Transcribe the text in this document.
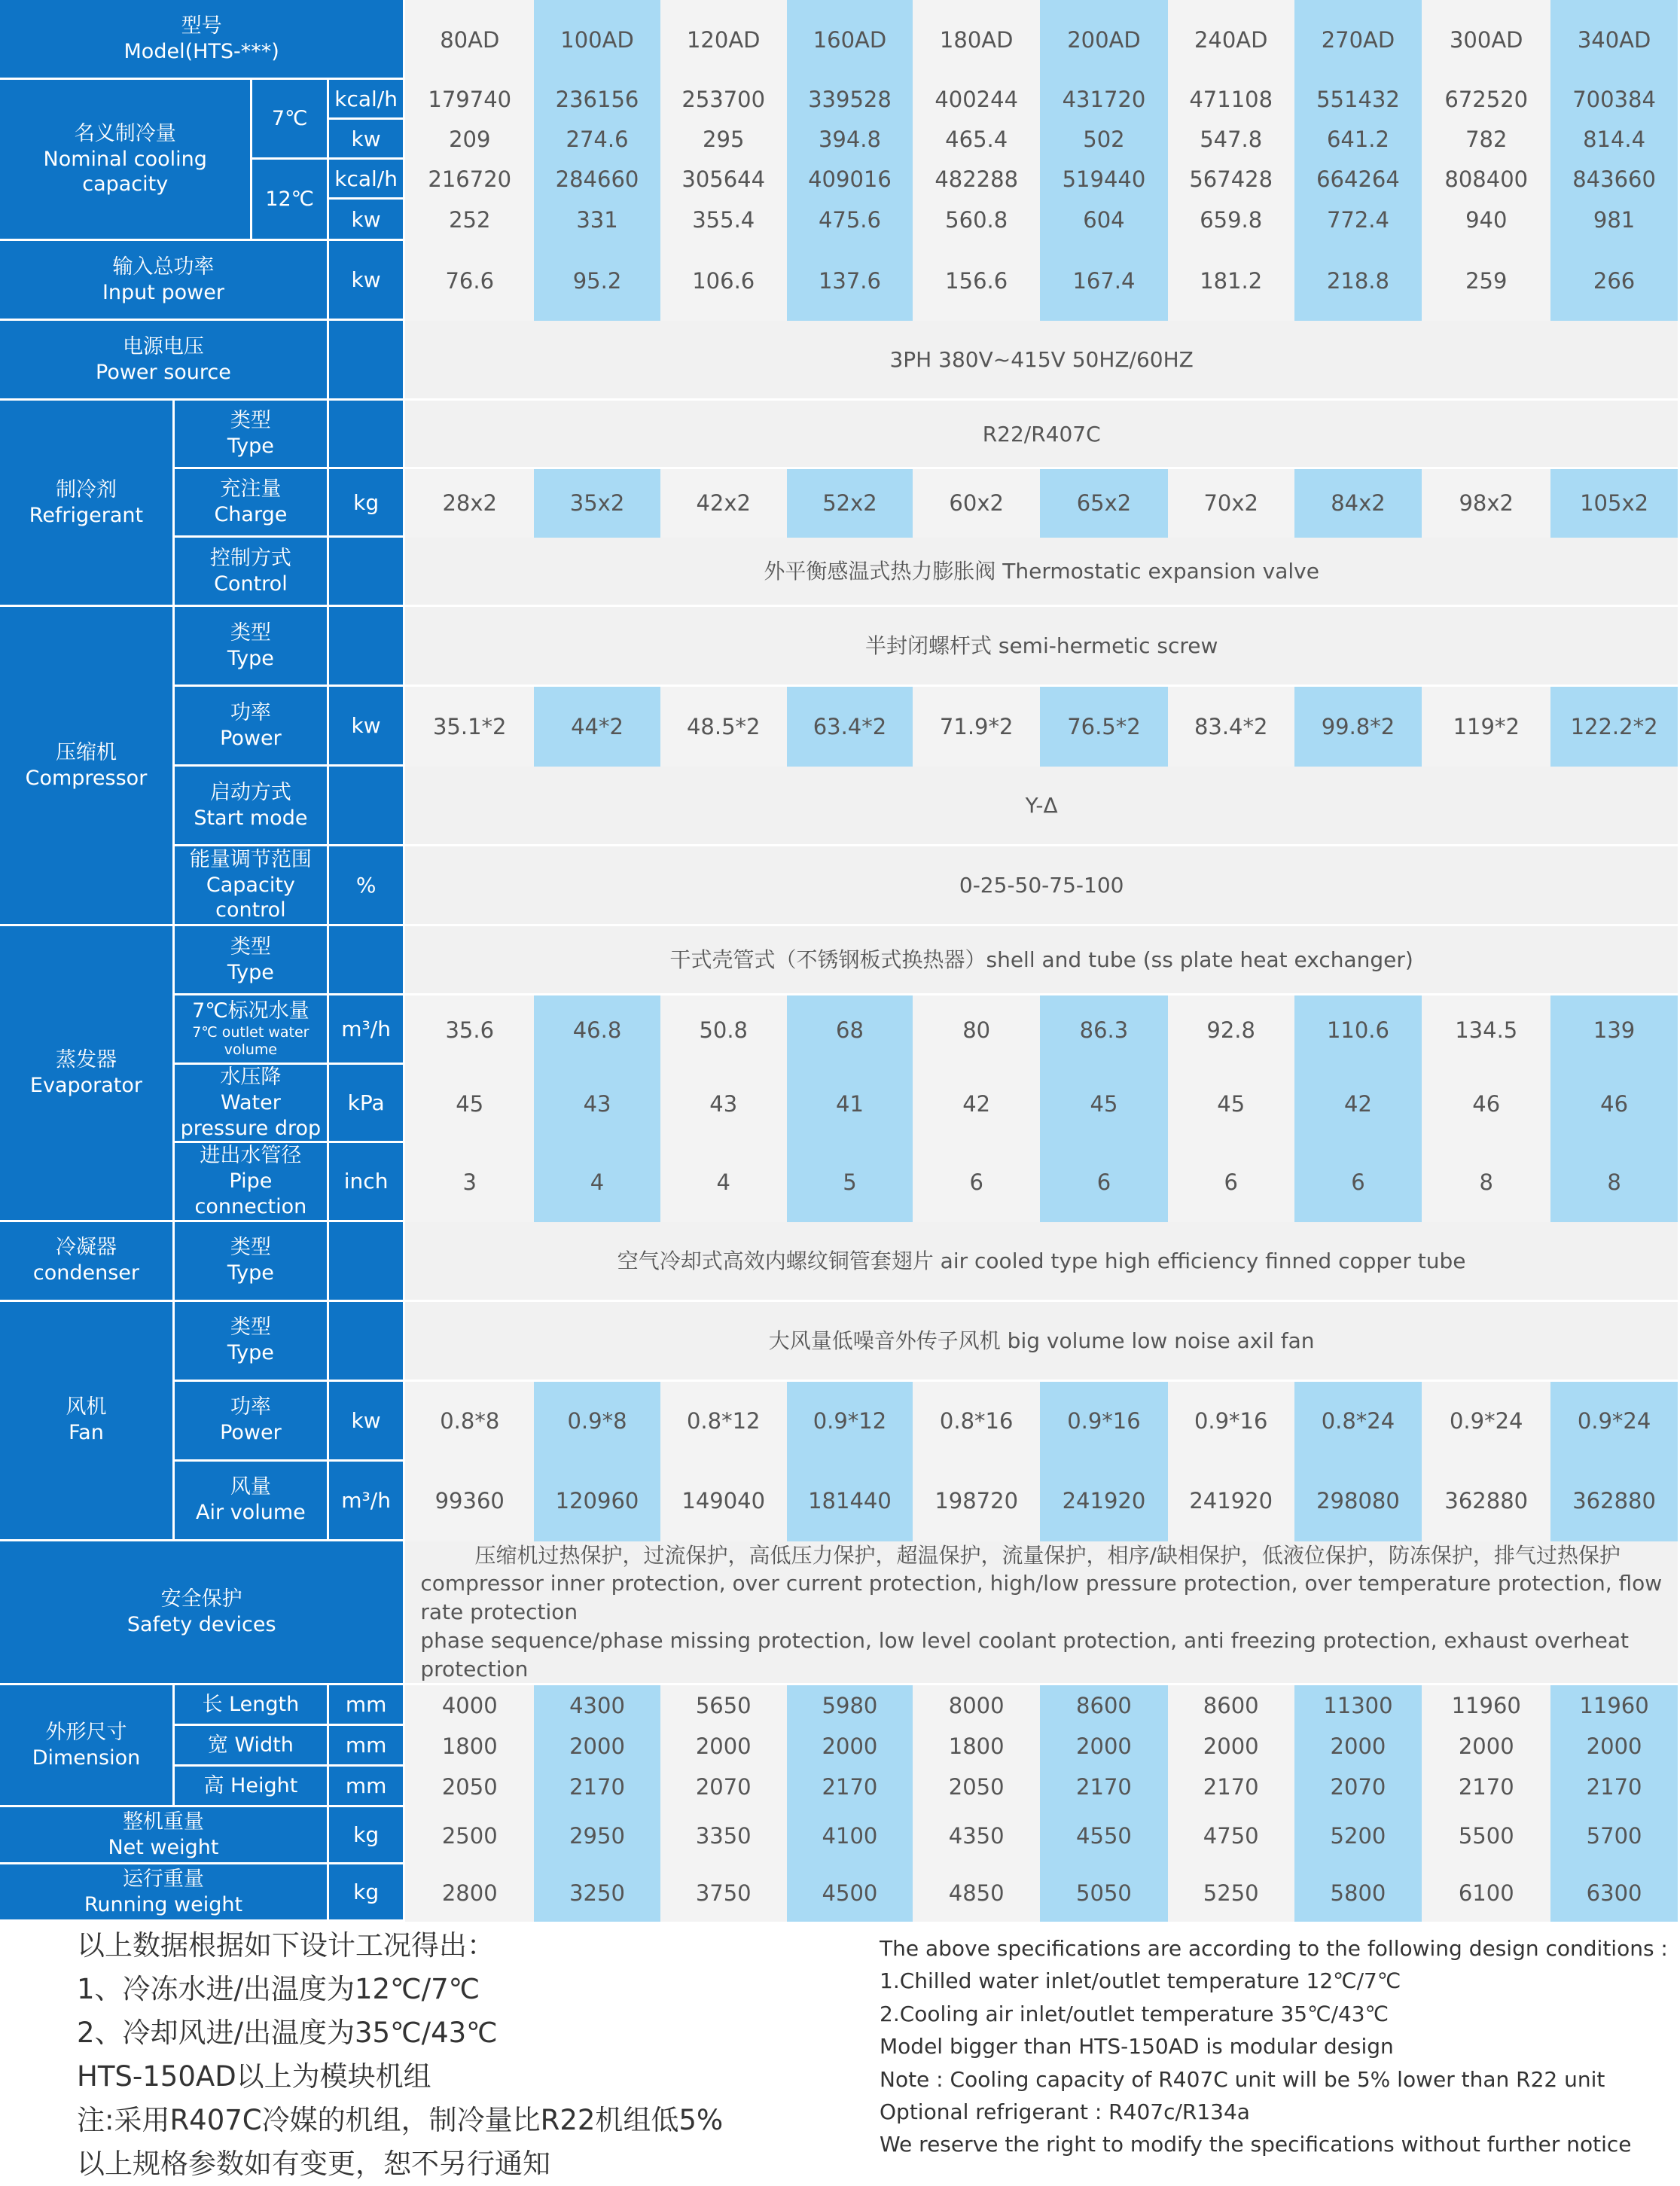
型号
Model(HTS-***)				80AD	100AD	120AD	160AD	180AD	200AD	240AD	270AD	300AD	340AD

名义制冷量
Nominal cooling capacity		7℃	kcal/h	179740	236156	253700	339528	400244	431720	471108	551432	672520	700384
			kw	209	274.6	295	394.8	465.4	502	547.8	641.2	782	814.4
		12℃	kcal/h	216720	284660	305644	409016	482288	519440	567428	664264	808400	843660
			kw	252	331	355.4	475.6	560.8	604	659.8	772.4	940	981

输入总功率
Input power			kw	76.6	95.2	106.6	137.6	156.6	167.4	181.2	218.8	259	266

电源电压
Power source				3PH 380V~415V 50HZ/60HZ									

制冷剂
Refrigerant	类型
Type			R22/R407C									

	充注量
Charge		kg	28x2	35x2	42x2	52x2	60x2	65x2	70x2	84x2	98x2	105x2

	控制方式
Control			外平衡感温式热力膨胀阀 Thermostatic expansion valve									

压缩机
Compressor	类型
Type			半封闭螺杆式 semi-hermetic screw									

	功率
Power		kw	35.1*2	44*2	48.5*2	63.4*2	71.9*2	76.5*2	83.4*2	99.8*2	119*2	122.2*2

	启动方式
Start mode			Y-Δ									

	能量调节范围
Capacity control		%	0-25-50-75-100									

蒸发器
Evaporator	类型
Type			干式壳管式（不锈钢板式换热器）shell and tube (ss plate heat exchanger)									

	7℃标况水量
7℃ outlet water volume		m³/h	35.6	46.8	50.8	68	80	86.3	92.8	110.6	134.5	139

	水压降
Water pressure drop		kPa	45	43	43	41	42	45	45	42	46	46

	进出水管径
Pipe connection		inch	3	4	4	5	6	6	6	6	8	8

冷凝器
condenser	类型
Type			空气冷却式高效内螺纹铜管套翅片 air cooled type high efficiency finned copper tube									

风机
Fan	类型
Type			大风量低噪音外传子风机 big volume low noise axil fan									

	功率
Power		kw	0.8*8	0.9*8	0.8*12	0.9*12	0.8*16	0.9*16	0.9*16	0.8*24	0.9*24	0.9*24

	风量
Air volume		m³/h	99360	120960	149040	181440	198720	241920	241920	298080	362880	362880

安全保护
Safety devices				压缩机过热保护，过流保护，高低压力保护，超温保护，流量保护，相序/缺相保护，低液位保护，防冻保护，排气过热保护
compressor inner protection, over current protection, high/low pressure protection, over temperature protection, flow rate protection
phase sequence/phase missing protection, low level coolant protection, anti freezing protection, exhaust overheat protection									

外形尺寸
Dimension	长 Length		mm	4000	4300	5650	5980	8000	8600	8600	11300	11960	11960
	宽 Width		mm	1800	2000	2000	2000	1800	2000	2000	2000	2000	2000
	高 Height		mm	2050	2170	2070	2170	2050	2170	2170	2070	2170	2170

整机重量
Net weight			kg	2500	2950	3350	4100	4350	4550	4750	5200	5500	5700

运行重量
Running weight			kg	2800	3250	3750	4500	4850	5050	5250	5800	6100	6300
以上数据根据如下设计工况得出：
1、冷冻水进/出温度为12℃/7℃
2、冷却风进/出温度为35℃/43℃
HTS-150AD以上为模块机组
注:采用R407C冷媒的机组，制冷量比R22机组低5%
以上规格参数如有变更，恕不另行通知
The above specifications are according to the following design conditions :
1.Chilled water inlet/outlet temperature 12℃/7℃
2.Cooling air inlet/outlet temperature 35℃/43℃
Model bigger than HTS-150AD is modular design
Note : Cooling capacity of R407C unit will be 5% lower than R22 unit
Optional refrigerant : R407c/R134a
We reserve the right to modify the specifications without further notice
